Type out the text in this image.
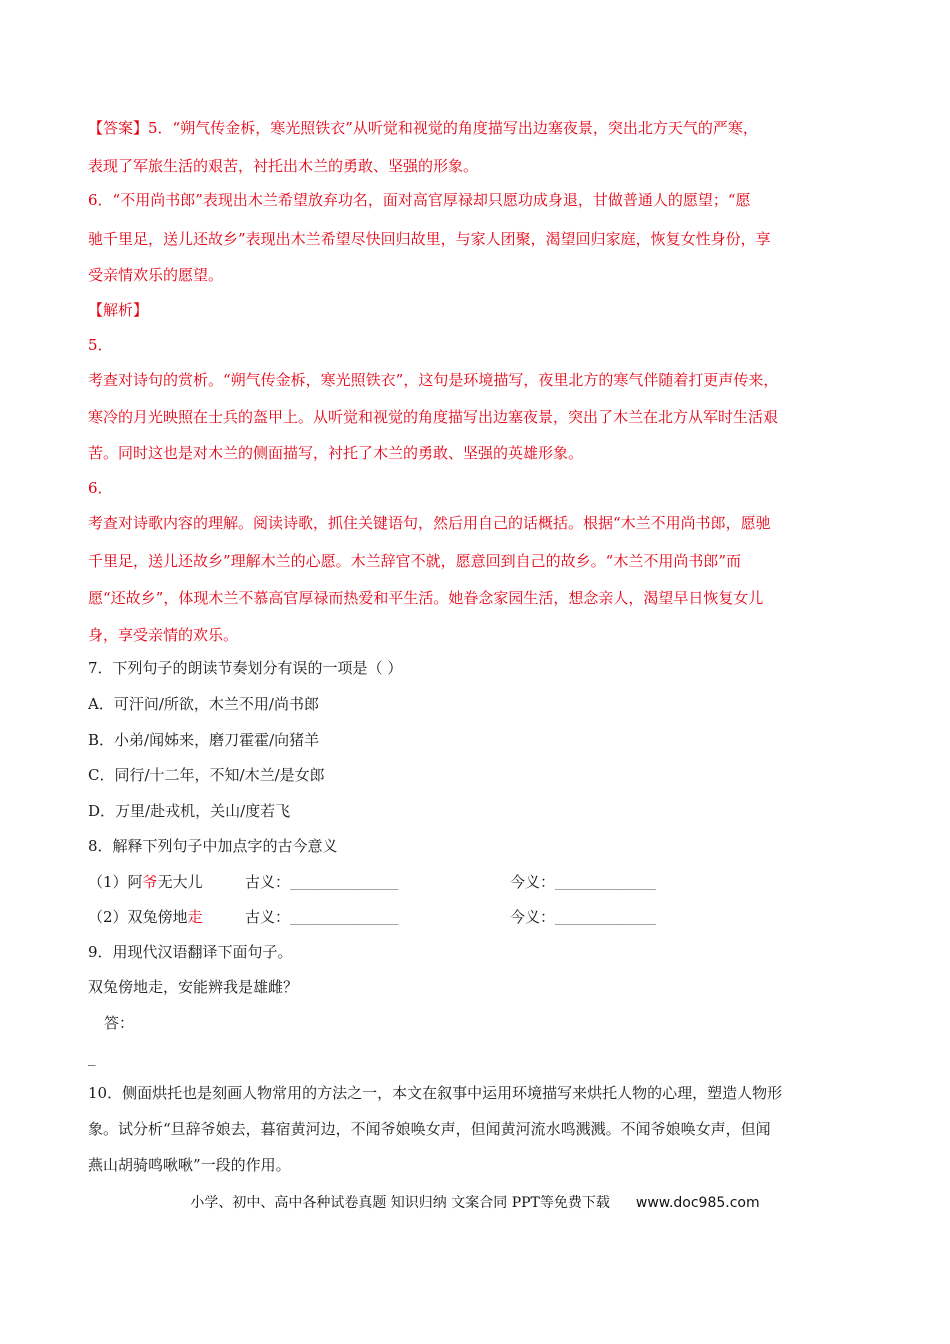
【答案】5．“朔气传金柝，寒光照铁衣”从听觉和视觉的角度描写出边塞夜景，突出北方天气的严寒，
表现了军旅生活的艰苦，衬托出木兰的勇敢、坚强的形象。
6．“不用尚书郎”表现出木兰希望放弃功名，面对高官厚禄却只愿功成身退，甘做普通人的愿望；“愿
驰千里足，送儿还故乡”表现出木兰希望尽快回归故里，与家人团聚，渴望回归家庭，恢复女性身份，享
受亲情欢乐的愿望。
【解析】
5．
考查对诗句的赏析。“朔气传金柝，寒光照铁衣”，这句是环境描写，夜里北方的寒气伴随着打更声传来，
寒冷的月光映照在士兵的盔甲上。从听觉和视觉的角度描写出边塞夜景，突出了木兰在北方从军时生活艰
苦。同时这也是对木兰的侧面描写，衬托了木兰的勇敢、坚强的英雄形象。
6．
考查对诗歌内容的理解。阅读诗歌，抓住关键语句，然后用自己的话概括。根据“木兰不用尚书郎，愿驰
千里足，送儿还故乡”理解木兰的心愿。木兰辞官不就，愿意回到自己的故乡。“木兰不用尚书郎”而
愿“还故乡”，体现木兰不慕高官厚禄而热爱和平生活。她眷念家园生活，想念亲人，渴望早日恢复女儿
身，享受亲情的欢乐。
7．下列句子的朗读节奏划分有误的一项是（ ）
A．可汗问/所欲，木兰不用/尚书郎
B．小弟/闻姊来，磨刀霍霍/向猪羊
C．同行/十二年，不知/木兰/是女郎
D．万里/赴戎机，关山/度若飞
8．解释下列句子中加点字的古今意义
（1）阿爷无大儿	古义：_______________	今义：______________
（2）双兔傍地走	古义：_______________	今义：______________
9．用现代汉语翻译下面句子。
双兔傍地走，安能辨我是雄雌？
答：
_
10．侧面烘托也是刻画人物常用的方法之一，本文在叙事中运用环境描写来烘托人物的心理，塑造人物形
象。试分析“旦辞爷娘去，暮宿黄河边，不闻爷娘唤女声，但闻黄河流水鸣溅溅。不闻爷娘唤女声，但闻
燕山胡骑鸣啾啾”一段的作用。
小学、初中、高中各种试卷真题 知识归纳 文案合同 PPT等免费下载 www.doc985.com
